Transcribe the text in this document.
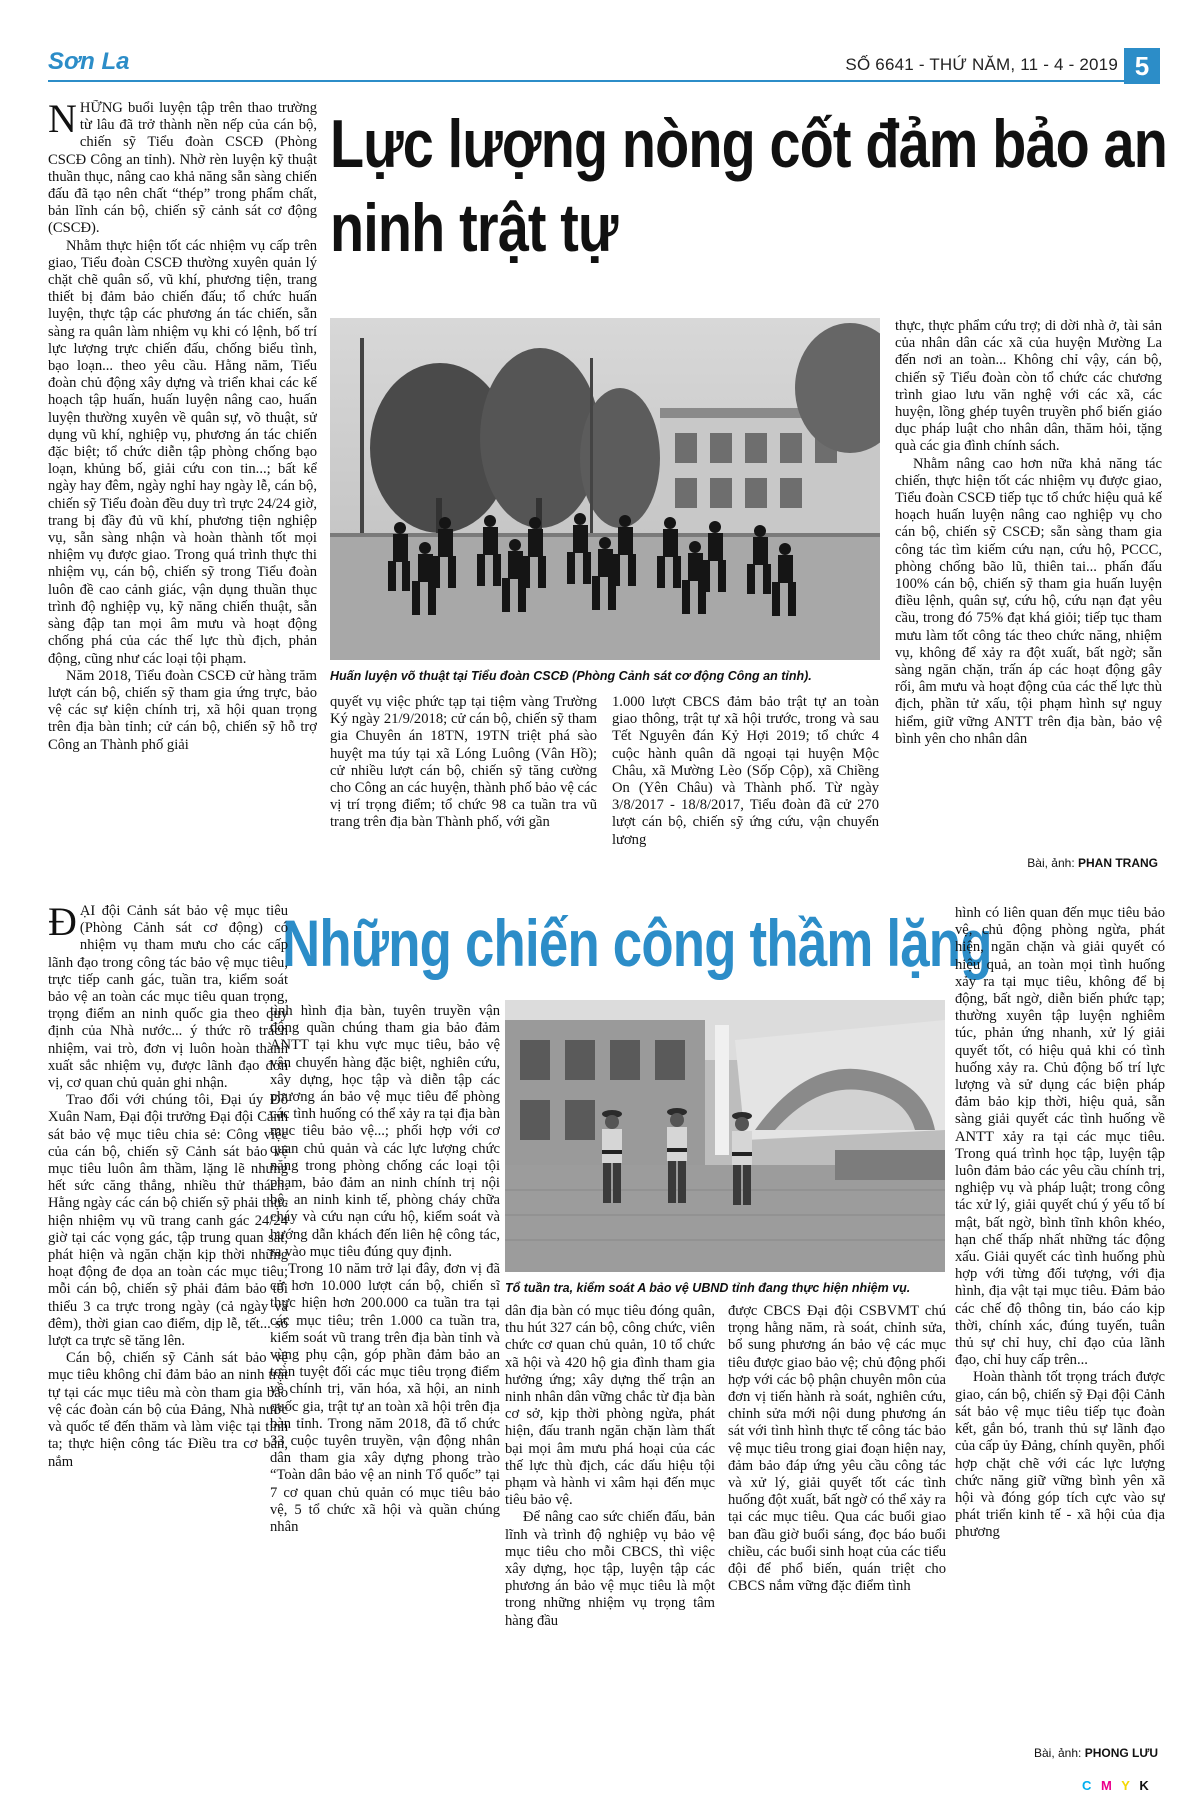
Sơn La	SỐ 6641 - THỨ NĂM, 11 - 4 - 2019 5
Lực lượng nòng cốt đảm bảo an ninh trật tự

NHỮNG buổi luyện tập trên thao trường từ lâu đã trở thành nền nếp của cán bộ, chiến sỹ Tiểu đoàn CSCĐ (Phòng CSCĐ Công an tỉnh). Nhờ rèn luyện kỹ thuật thuần thục, nâng cao khả năng sẵn sàng chiến đấu đã tạo nên chất “thép” trong phẩm chất, bản lĩnh cán bộ, chiến sỹ cảnh sát cơ động (CSCĐ).

Nhằm thực hiện tốt các nhiệm vụ cấp trên giao, Tiểu đoàn CSCĐ thường xuyên quản lý chặt chẽ quân số, vũ khí, phương tiện, trang thiết bị đảm bảo chiến đấu; tổ chức huấn luyện, thực tập các phương án tác chiến, sẵn sàng ra quân làm nhiệm vụ khi có lệnh, bố trí lực lượng trực chiến đấu, chống biểu tình, bạo loạn... theo yêu cầu. Hằng năm, Tiểu đoàn chủ động xây dựng và triển khai các kế hoạch tập huấn, huấn luyện nâng cao, huấn luyện thường xuyên về quân sự, võ thuật, sử dụng vũ khí, nghiệp vụ, phương án tác chiến đặc biệt; tổ chức diễn tập phòng chống bạo loạn, khủng bố, giải cứu con tin...; bất kể ngày hay đêm, ngày nghỉ hay ngày lễ, cán bộ, chiến sỹ Tiểu đoàn đều duy trì trực 24/24 giờ, trang bị đầy đủ vũ khí, phương tiện nghiệp vụ, sẵn sàng nhận và hoàn thành tốt mọi nhiệm vụ được giao. Trong quá trình thực thi nhiệm vụ, cán bộ, chiến sỹ trong Tiểu đoàn luôn đề cao cảnh giác, vận dụng thuần thục trình độ nghiệp vụ, kỹ năng chiến thuật, sẵn sàng đập tan mọi âm mưu và hoạt động chống phá của các thế lực thù địch, phản động, cũng như các loại tội phạm.

Năm 2018, Tiểu đoàn CSCĐ cử hàng trăm lượt cán bộ, chiến sỹ tham gia ứng trực, bảo vệ các sự kiện chính trị, xã hội quan trọng trên địa bàn tỉnh; cử cán bộ, chiến sỹ hỗ trợ Công an Thành phố giải

Huấn luyện võ thuật tại Tiểu đoàn CSCĐ (Phòng Cảnh sát cơ động Công an tỉnh).

quyết vụ việc phức tạp tại tiệm vàng Trường Ký ngày 21/9/2018; cử cán bộ, chiến sỹ tham gia Chuyên án 18TN, 19TN triệt phá sào huyệt ma túy tại xã Lóng Luông (Vân Hồ); cử nhiều lượt cán bộ, chiến sỹ tăng cường cho Công an các huyện, thành phố bảo vệ các vị trí trọng điểm; tổ chức 98 ca tuần tra vũ trang trên địa bàn Thành phố, với gần

1.000 lượt CBCS đảm bảo trật tự an toàn giao thông, trật tự xã hội trước, trong và sau Tết Nguyên đán Kỷ Hợi 2019; tổ chức 4 cuộc hành quân dã ngoại tại huyện Mộc Châu, xã Mường Lèo (Sốp Cộp), xã Chiềng On (Yên Châu) và Thành phố. Từ ngày 3/8/2017 - 18/8/2017, Tiểu đoàn đã cử 270 lượt cán bộ, chiến sỹ ứng cứu, vận chuyển lương

thực, thực phẩm cứu trợ; di dời nhà ở, tài sản của nhân dân các xã của huyện Mường La đến nơi an toàn... Không chỉ vậy, cán bộ, chiến sỹ Tiểu đoàn còn tổ chức các chương trình giao lưu văn nghệ với các xã, các huyện, lồng ghép tuyên truyền phổ biến giáo dục pháp luật cho nhân dân, thăm hỏi, tặng quà các gia đình chính sách.

Nhằm nâng cao hơn nữa khả năng tác chiến, thực hiện tốt các nhiệm vụ được giao, Tiểu đoàn CSCĐ tiếp tục tổ chức hiệu quả kế hoạch huấn luyện nâng cao nghiệp vụ cho cán bộ, chiến sỹ CSCĐ; sẵn sàng tham gia công tác tìm kiếm cứu nạn, cứu hộ, PCCC, phòng chống bão lũ, thiên tai... phấn đấu 100% cán bộ, chiến sỹ tham gia huấn luyện điều lệnh, quân sự, cứu hộ, cứu nạn đạt yêu cầu, trong đó 75% đạt khá giỏi; tiếp tục tham mưu làm tốt công tác theo chức năng, nhiệm vụ, không để xảy ra đột xuất, bất ngờ; sẵn sàng ngăn chặn, trấn áp các hoạt động gây rối, âm mưu và hoạt động của các thế lực thù địch, phần tử xấu, tội phạm hình sự nguy hiểm, giữ vững ANTT trên địa bàn, bảo vệ bình yên cho nhân dân

Bài, ảnh: PHAN TRANG
Những chiến công thầm lặng

ĐẠI đội Cảnh sát bảo vệ mục tiêu (Phòng Cảnh sát cơ động) có nhiệm vụ tham mưu cho các cấp lãnh đạo trong công tác bảo vệ mục tiêu, trực tiếp canh gác, tuần tra, kiểm soát bảo vệ an toàn các mục tiêu quan trọng, trọng điểm an ninh quốc gia theo quy định của Nhà nước... ý thức rõ trách nhiệm, vai trò, đơn vị luôn hoàn thành xuất sắc nhiệm vụ, được lãnh đạo đơn vị, cơ quan chủ quản ghi nhận.

Trao đổi với chúng tôi, Đại úy Đỗ Xuân Nam, Đại đội trưởng Đại đội Cảnh sát bảo vệ mục tiêu chia sẻ: Công việc của cán bộ, chiến sỹ Cảnh sát bảo vệ mục tiêu luôn âm thầm, lặng lẽ nhưng hết sức căng thẳng, nhiều thử thách. Hằng ngày các cán bộ chiến sỹ phải thực hiện nhiệm vụ vũ trang canh gác 24/24 giờ tại các vọng gác, tập trung quan sát, phát hiện và ngăn chặn kịp thời những hoạt động đe dọa an toàn các mục tiêu; mỗi cán bộ, chiến sỹ phải đảm bảo tối thiểu 3 ca trực trong ngày (cả ngày và đêm), thời gian cao điểm, dịp lễ, tết... số lượt ca trực sẽ tăng lên.

Cán bộ, chiến sỹ Cảnh sát bảo vệ mục tiêu không chỉ đảm bảo an ninh trật tự tại các mục tiêu mà còn tham gia bảo vệ các đoàn cán bộ của Đảng, Nhà nước và quốc tế đến thăm và làm việc tại tỉnh ta; thực hiện công tác Điều tra cơ bản, nắm

tình hình địa bàn, tuyên truyền vận động quần chúng tham gia bảo đảm ANTT tại khu vực mục tiêu, bảo vệ vận chuyển hàng đặc biệt, nghiên cứu, xây dựng, học tập và diễn tập các phương án bảo vệ mục tiêu để phòng các tình huống có thể xảy ra tại địa bàn mục tiêu bảo vệ...; phối hợp với cơ quan chủ quản và các lực lượng chức năng trong phòng chống các loại tội phạm, bảo đảm an ninh chính trị nội bộ, an ninh kinh tế, phòng cháy chữa cháy và cứu nạn cứu hộ, kiểm soát và hướng dẫn khách đến liên hệ công tác, ra vào mục tiêu đúng quy định.

Trong 10 năm trở lại đây, đơn vị đã cử hơn 10.000 lượt cán bộ, chiến sĩ thực hiện hơn 200.000 ca tuần tra tại các mục tiêu; trên 1.000 ca tuần tra, kiểm soát vũ trang trên địa bàn tỉnh và vùng phụ cận, góp phần đảm bảo an toàn tuyệt đối các mục tiêu trọng điểm về chính trị, văn hóa, xã hội, an ninh quốc gia, trật tự an toàn xã hội trên địa bàn tỉnh. Trong năm 2018, đã tổ chức 33 cuộc tuyên truyền, vận động nhân dân tham gia xây dựng phong trào “Toàn dân bảo vệ an ninh Tổ quốc” tại 7 cơ quan chủ quản có mục tiêu bảo vệ, 5 tổ chức xã hội và quần chúng nhân

Tổ tuần tra, kiểm soát A bảo vệ UBND tỉnh đang thực hiện nhiệm vụ.

dân địa bàn có mục tiêu đóng quân, thu hút 327 cán bộ, công chức, viên chức cơ quan chủ quản, 10 tổ chức xã hội và 420 hộ gia đình tham gia hưởng ứng; xây dựng thế trận an ninh nhân dân vững chắc từ địa bàn cơ sở, kịp thời phòng ngừa, phát hiện, đấu tranh ngăn chặn làm thất bại mọi âm mưu phá hoại của các thế lực thù địch, các dấu hiệu tội phạm và hành vi xâm hại đến mục tiêu bảo vệ.

Để nâng cao sức chiến đấu, bản lĩnh và trình độ nghiệp vụ bảo vệ mục tiêu cho mỗi CBCS, thì việc xây dựng, học tập, luyện tập các phương án bảo vệ mục tiêu là một trong những nhiệm vụ trọng tâm hàng đầu

được CBCS Đại đội CSBVMT chú trọng hằng năm, rà soát, chỉnh sửa, bổ sung phương án bảo vệ các mục tiêu được giao bảo vệ; chủ động phối hợp với các bộ phận chuyên môn của đơn vị tiến hành rà soát, nghiên cứu, chỉnh sửa mới nội dung phương án sát với tình hình thực tế công tác bảo vệ mục tiêu trong giai đoạn hiện nay, đảm bảo đáp ứng yêu cầu công tác và xử lý, giải quyết tốt các tình huống đột xuất, bất ngờ có thể xảy ra tại các mục tiêu. Qua các buổi giao ban đầu giờ buổi sáng, đọc báo buổi chiều, các buổi sinh hoạt của các tiểu đội để phổ biến, quán triệt cho CBCS nắm vững đặc điểm tình

hình có liên quan đến mục tiêu bảo vệ, chủ động phòng ngừa, phát hiện, ngăn chặn và giải quyết có hiệu quả, an toàn mọi tình huống xảy ra tại mục tiêu, không để bị động, bất ngờ, diễn biến phức tạp; thường xuyên tập luyện nghiêm túc, phản ứng nhanh, xử lý giải quyết tốt, có hiệu quả khi có tình huống xảy ra. Chủ động bố trí lực lượng và sử dụng các biện pháp đảm bảo kịp thời, hiệu quả, sẵn sàng giải quyết các tình huống về ANTT xảy ra tại các mục tiêu. Trong quá trình học tập, luyện tập luôn đảm bảo các yêu cầu chính trị, nghiệp vụ và pháp luật; trong công tác xử lý, giải quyết chú ý yếu tố bí mật, bất ngờ, bình tĩnh khôn khéo, hạn chế thấp nhất những tác động xấu. Giải quyết các tình huống phù hợp với từng đối tượng, với địa hình, địa vật tại mục tiêu. Đảm bảo các chế độ thông tin, báo cáo kịp thời, chính xác, đúng tuyến, tuân thủ sự chỉ huy, chỉ đạo của lãnh đạo, chỉ huy cấp trên...

Hoàn thành tốt trọng trách được giao, cán bộ, chiến sỹ Đại đội Cảnh sát bảo vệ mục tiêu tiếp tục đoàn kết, gắn bó, tranh thủ sự lãnh đạo của cấp ủy Đảng, chính quyền, phối hợp chặt chẽ với các lực lượng chức năng giữ vững bình yên xã hội và đóng góp tích cực vào sự phát triển kinh tế - xã hội của địa phương

Bài, ảnh: PHONG LƯU
C M Y K
